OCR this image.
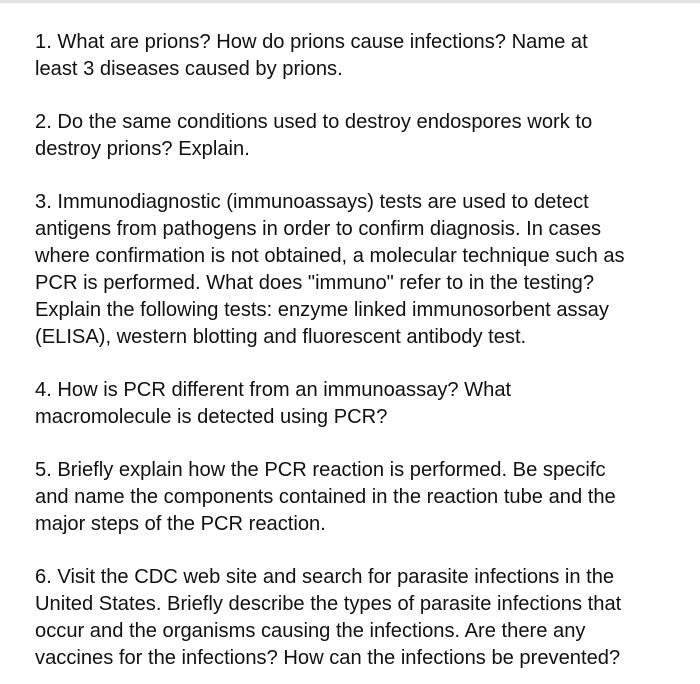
1. What are prions? How do prions cause infections? Name at
least 3 diseases caused by prions.
2. Do the same conditions used to destroy endospores work to
destroy prions? Explain.
3. Immunodiagnostic (immunoassays) tests are used to detect
antigens from pathogens in order to confirm diagnosis. In cases
where confirmation is not obtained, a molecular technique such as
PCR is performed. What does "immuno" refer to in the testing?
Explain the following tests: enzyme linked immunosorbent assay
(ELISA), western blotting and fluorescent antibody test.
4. How is PCR different from an immunoassay? What
macromolecule is detected using PCR?
5. Briefly explain how the PCR reaction is performed. Be specifc
and name the components contained in the reaction tube and the
major steps of the PCR reaction.
6. Visit the CDC web site and search for parasite infections in the
United States. Briefly describe the types of parasite infections that
occur and the organisms causing the infections. Are there any
vaccines for the infections? How can the infections be prevented?
